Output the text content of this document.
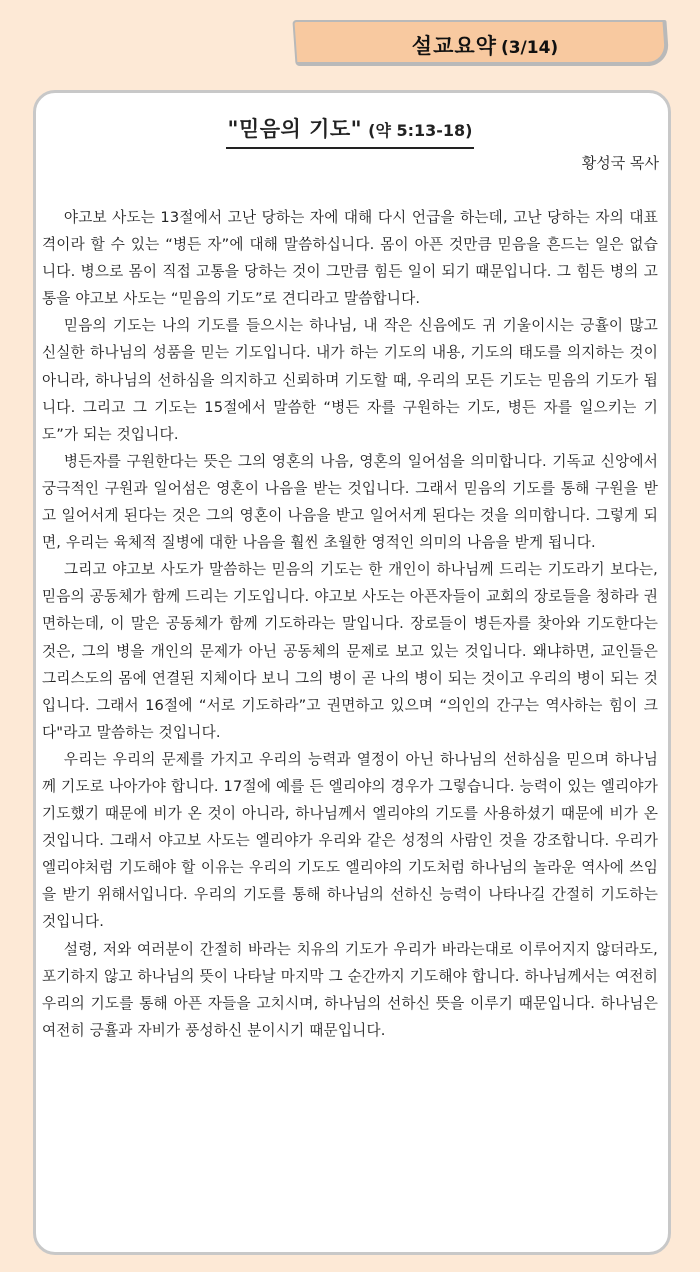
설교요약 (3/14)
"믿음의 기도" (약 5:13-18)
황성국 목사

야고보 사도는 13절에서 고난 당하는 자에 대해 다시 언급을 하는데, 고난 당하는 자의 대표격이라 할 수 있는 “병든 자”에 대해 말씀하십니다. 몸이 아픈 것만큼 믿음을 흔드는 일은 없습니다. 병으로 몸이 직접 고통을 당하는 것이 그만큼 힘든 일이 되기 때문입니다. 그 힘든 병의 고통을 야고보 사도는 “믿음의 기도”로 견디라고 말씀합니다.

믿음의 기도는 나의 기도를 들으시는 하나님, 내 작은 신음에도 귀 기울이시는 긍휼이 많고 신실한 하나님의 성품을 믿는 기도입니다. 내가 하는 기도의 내용, 기도의 태도를 의지하는 것이 아니라, 하나님의 선하심을 의지하고 신뢰하며 기도할 때, 우리의 모든 기도는 믿음의 기도가 됩니다. 그리고 그 기도는 15절에서 말씀한 “병든 자를 구원하는 기도, 병든 자를 일으키는 기도”가 되는 것입니다.

병든자를 구원한다는 뜻은 그의 영혼의 나음, 영혼의 일어섬을 의미합니다. 기독교 신앙에서 궁극적인 구원과 일어섬은 영혼이 나음을 받는 것입니다. 그래서 믿음의 기도를 통해 구원을 받고 일어서게 된다는 것은 그의 영혼이 나음을 받고 일어서게 된다는 것을 의미합니다. 그렇게 되면, 우리는 육체적 질병에 대한 나음을 훨씬 초월한 영적인 의미의 나음을 받게 됩니다.

그리고 야고보 사도가 말씀하는 믿음의 기도는 한 개인이 하나님께 드리는 기도라기 보다는, 믿음의 공동체가 함께 드리는 기도입니다. 야고보 사도는 아픈자들이 교회의 장로들을 청하라 권면하는데, 이 말은 공동체가 함께 기도하라는 말입니다. 장로들이 병든자를 찾아와 기도한다는 것은, 그의 병을 개인의 문제가 아닌 공동체의 문제로 보고 있는 것입니다. 왜냐하면, 교인들은 그리스도의 몸에 연결된 지체이다 보니 그의 병이 곧 나의 병이 되는 것이고 우리의 병이 되는 것입니다. 그래서 16절에 “서로 기도하라”고 권면하고 있으며 “의인의 간구는 역사하는 힘이 크다"라고 말씀하는 것입니다.

우리는 우리의 문제를 가지고 우리의 능력과 열정이 아닌 하나님의 선하심을 믿으며 하나님께 기도로 나아가야 합니다. 17절에 예를 든 엘리야의 경우가 그렇습니다. 능력이 있는 엘리야가 기도했기 때문에 비가 온 것이 아니라, 하나님께서 엘리야의 기도를 사용하셨기 때문에 비가 온 것입니다. 그래서 야고보 사도는 엘리야가 우리와 같은 성정의 사람인 것을 강조합니다. 우리가 엘리야처럼 기도해야 할 이유는 우리의 기도도 엘리야의 기도처럼 하나님의 놀라운 역사에 쓰임을 받기 위해서입니다. 우리의 기도를 통해 하나님의 선하신 능력이 나타나길 간절히 기도하는 것입니다.

설령, 저와 여러분이 간절히 바라는 치유의 기도가 우리가 바라는대로 이루어지지 않더라도, 포기하지 않고 하나님의 뜻이 나타날 마지막 그 순간까지 기도해야 합니다. 하나님께서는 여전히 우리의 기도를 통해 아픈 자들을 고치시며, 하나님의 선하신 뜻을 이루기 때문입니다. 하나님은 여전히 긍휼과 자비가 풍성하신 분이시기 때문입니다.
